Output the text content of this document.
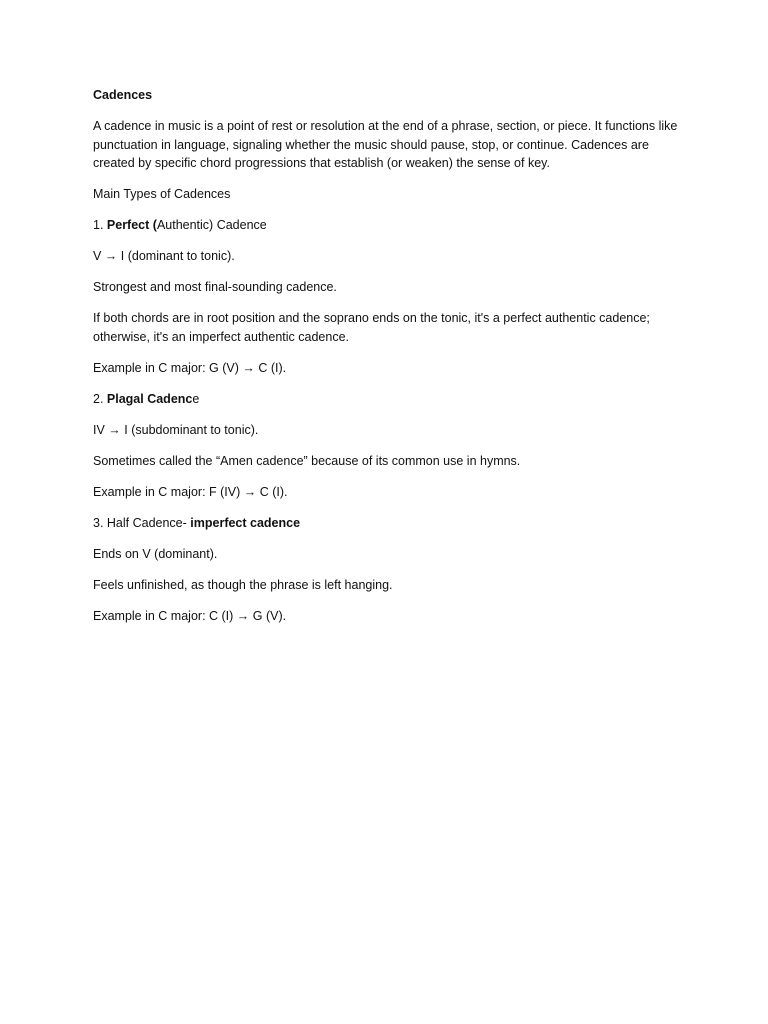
Cadences

A cadence in music is a point of rest or resolution at the end of a phrase, section, or piece. It functions like punctuation in language, signaling whether the music should pause, stop, or continue. Cadences are created by specific chord progressions that establish (or weaken) the sense of key.

Main Types of Cadences

1. Perfect (Authentic) Cadence

V → I (dominant to tonic).

Strongest and most final-sounding cadence.

If both chords are in root position and the soprano ends on the tonic, it's a perfect authentic cadence; otherwise, it's an imperfect authentic cadence.

Example in C major: G (V) → C (I).

2. Plagal Cadence

IV → I (subdominant to tonic).

Sometimes called the “Amen cadence” because of its common use in hymns.

Example in C major: F (IV) → C (I).

3. Half Cadence- imperfect cadence

Ends on V (dominant).

Feels unfinished, as though the phrase is left hanging.

Example in C major: C (I) → G (V).
